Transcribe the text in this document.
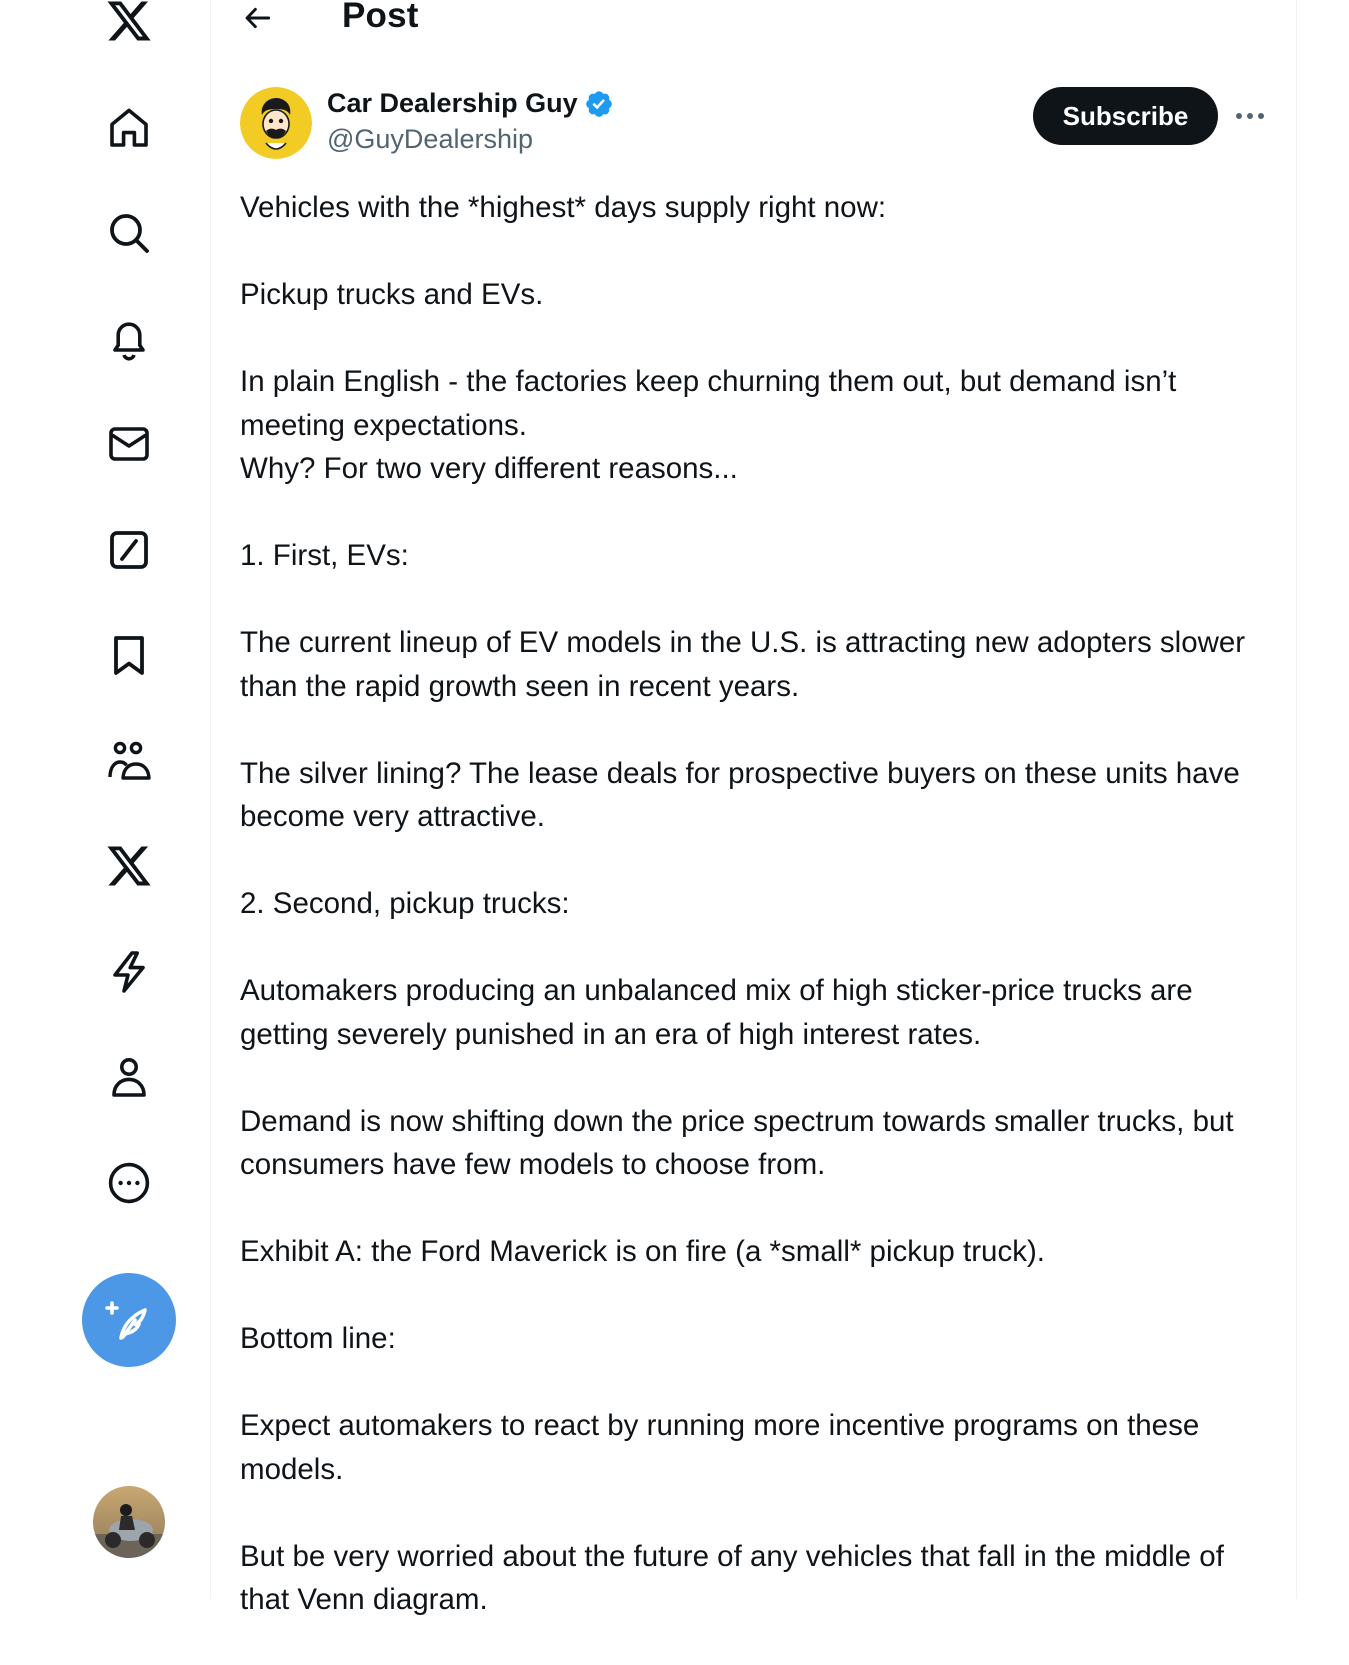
Post
Car Dealership Guy
@GuyDealership
Subscribe

Vehicles with the *highest* days supply right now:

Pickup trucks and EVs.

In plain English - the factories keep churning them out, but demand isn’t meeting expectations.
Why? For two very different reasons...

1. First, EVs:

The current lineup of EV models in the U.S. is attracting new adopters slower than the rapid growth seen in recent years.

The silver lining? The lease deals for prospective buyers on these units have become very attractive.

2. Second, pickup trucks:

Automakers producing an unbalanced mix of high sticker-price trucks are getting severely punished in an era of high interest rates.

Demand is now shifting down the price spectrum towards smaller trucks, but consumers have few models to choose from.

Exhibit A: the Ford Maverick is on fire (a *small* pickup truck).

Bottom line:

Expect automakers to react by running more incentive programs on these models.

But be very worried about the future of any vehicles that fall in the middle of that Venn diagram.
